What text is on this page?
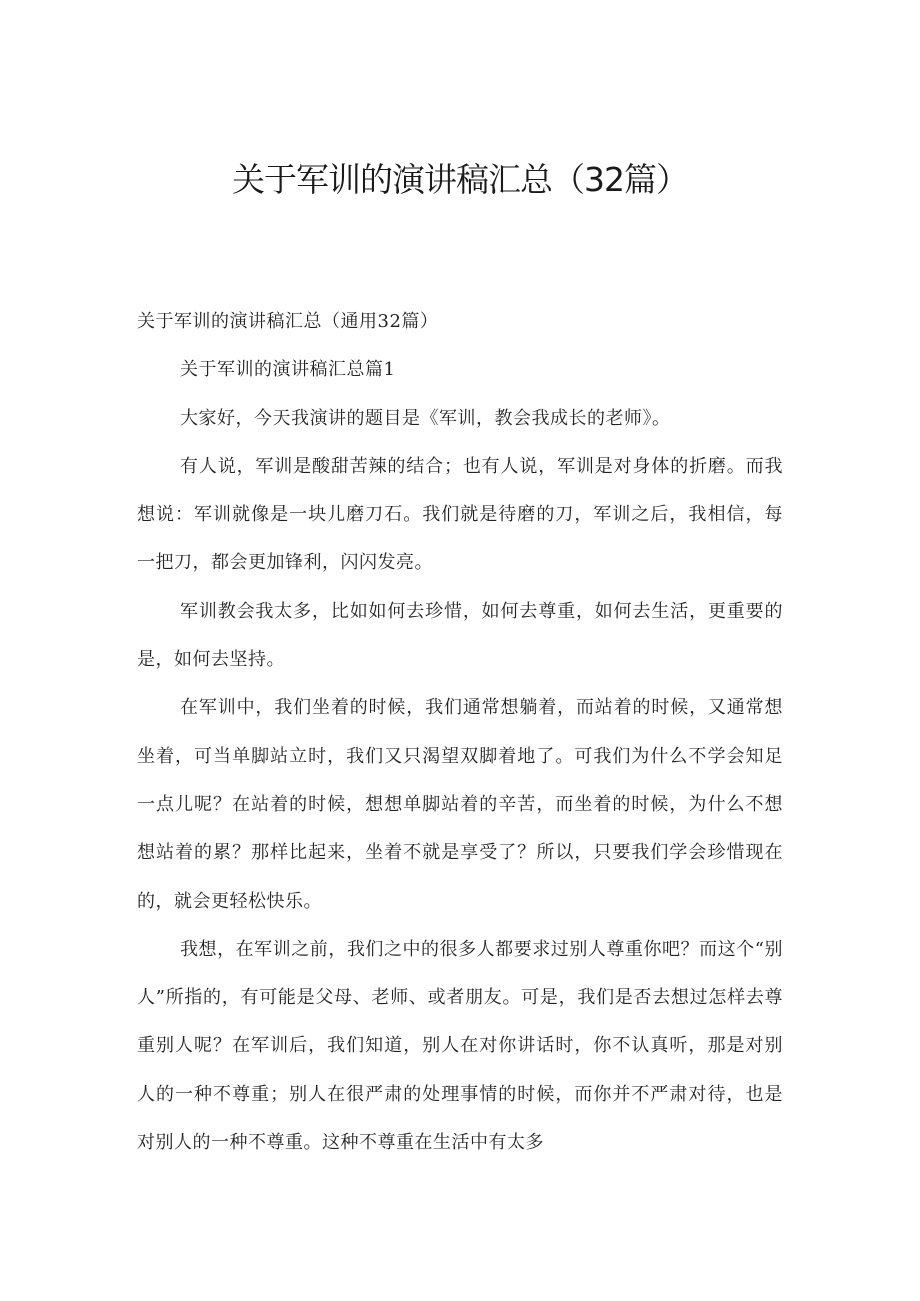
关于军训的演讲稿汇总（32篇）

关于军训的演讲稿汇总（通用32篇）

关于军训的演讲稿汇总篇1

大家好，今天我演讲的题目是《军训，教会我成长的老师》。

有人说，军训是酸甜苦辣的结合；也有人说，军训是对身体的折磨。而我想说：军训就像是一块儿磨刀石。我们就是待磨的刀，军训之后，我相信，每一把刀，都会更加锋利，闪闪发亮。

军训教会我太多，比如如何去珍惜，如何去尊重，如何去生活，更重要的是，如何去坚持。

在军训中，我们坐着的时候，我们通常想躺着，而站着的时候，又通常想坐着，可当单脚站立时，我们又只渴望双脚着地了。可我们为什么不学会知足一点儿呢？在站着的时候，想想单脚站着的辛苦，而坐着的时候，为什么不想想站着的累？那样比起来，坐着不就是享受了？所以，只要我们学会珍惜现在的，就会更轻松快乐。

我想，在军训之前，我们之中的很多人都要求过别人尊重你吧？而这个“别人”所指的，有可能是父母、老师、或者朋友。可是，我们是否去想过怎样去尊重别人呢？在军训后，我们知道，别人在对你讲话时，你不认真听，那是对别人的一种不尊重；别人在很严肃的处理事情的时候，而你并不严肃对待，也是对别人的一种不尊重。这种不尊重在生活中有太多
